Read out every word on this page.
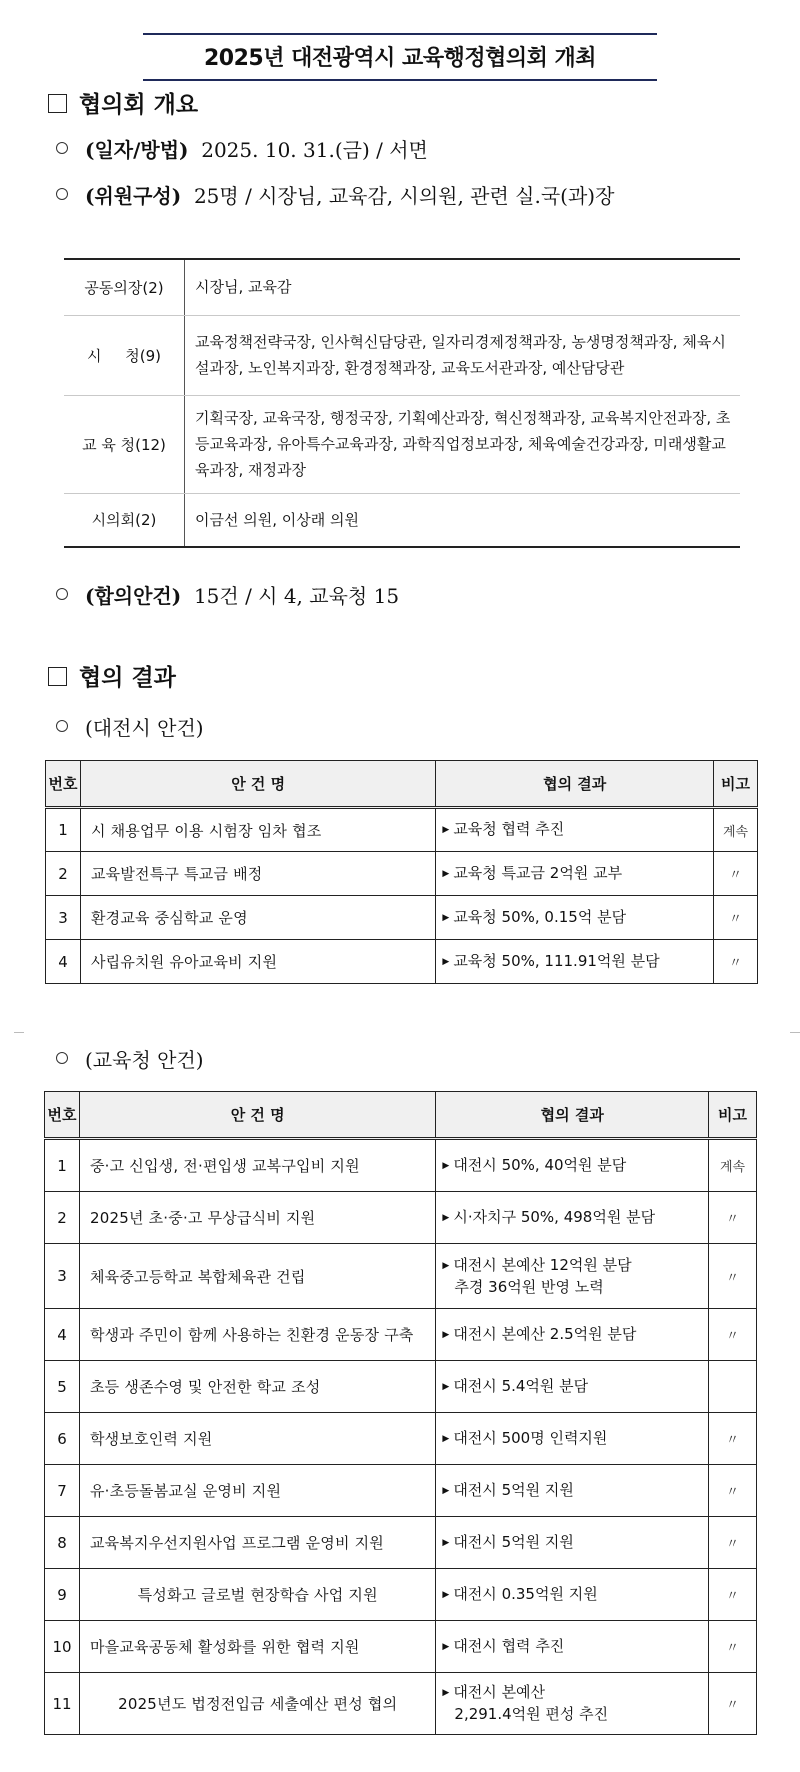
2025년 대전광역시 교육행정협의회 개최
협의회 개요
(일자/방법) 2025. 10. 31.(금) / 서면
(위원구성) 25명 / 시장님, 교육감, 시의원, 관련 실.국(과)장
공동의장(2)	시장님, 교육감
시     청(9)	교육정책전략국장, 인사혁신담당관, 일자리경제정책과장, 농생명정책과장, 체육시설과장, 노인복지과장, 환경정책과장, 교육도서관과장, 예산담당관
교 육 청(12)	기획국장, 교육국장, 행정국장, 기획예산과장, 혁신정책과장, 교육복지안전과장, 초등교육과장, 유아특수교육과장, 과학직업정보과장, 체육예술건강과장, 미래생활교육과장, 재정과장
시의회(2)	이금선 의원, 이상래 의원
(합의안건) 15건 / 시 4, 교육청 15
협의 결과
(대전시 안건)
번호	안 건 명	협의 결과	비고
1	시 채용업무 이용 시험장 임차 협조	▶ 교육청 협력 추진	계속
2	교육발전특구 특교금 배정	▶ 교육청 특교금 2억원 교부	〃
3	환경교육 중심학교 운영	▶ 교육청 50%, 0.15억 분담	〃
4	사립유치원 유아교육비 지원	▶ 교육청 50%, 111.91억원 분담	〃
(교육청 안건)
번호	안 건 명	협의 결과	비고
1	중·고 신입생, 전·편입생 교복구입비 지원	▶ 대전시 50%, 40억원 분담	계속
2	2025년 초·중·고 무상급식비 지원	▶ 시·자치구 50%, 498억원 분담	〃
3	체육중고등학교 복합체육관 건립	▶ 대전시 본예산 12억원 분담
추경 36억원 반영 노력	〃
4	학생과 주민이 함께 사용하는 친환경 운동장 구축	▶ 대전시 본예산 2.5억원 분담	〃
5	초등 생존수영 및 안전한 학교 조성	▶ 대전시 5.4억원 분담	
6	학생보호인력 지원	▶ 대전시 500명 인력지원	〃
7	유·초등돌봄교실 운영비 지원	▶ 대전시 5억원 지원	〃
8	교육복지우선지원사업 프로그램 운영비 지원	▶ 대전시 5억원 지원	〃
9	특성화고 글로벌 현장학습 사업 지원	▶ 대전시 0.35억원 지원	〃
10	마을교육공동체 활성화를 위한 협력 지원	▶ 대전시 협력 추진	〃
11	2025년도 법정전입금 세출예산 편성 협의	▶ 대전시 본예산
2,291.4억원 편성 추진	〃
